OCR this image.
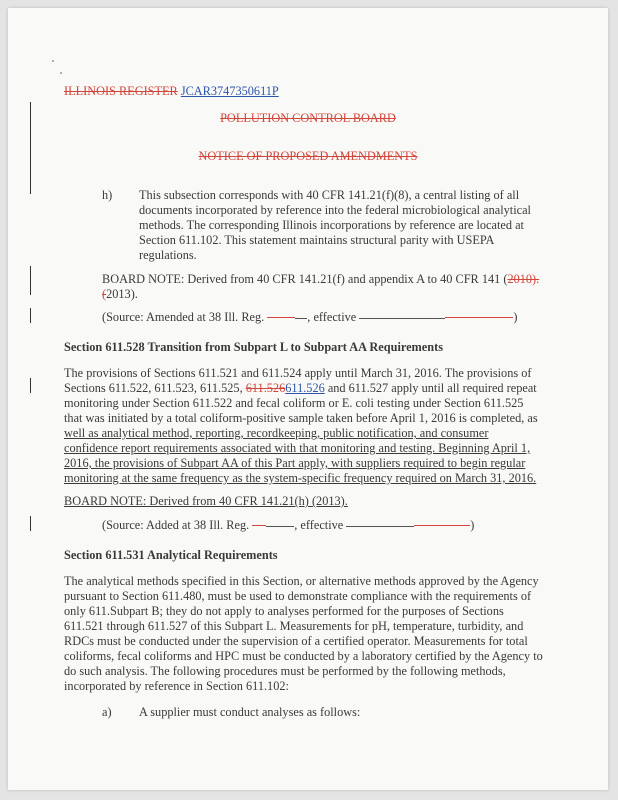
ILLINOIS REGISTER JCAR3747350611P
POLLUTION CONTROL BOARD
NOTICE OF PROPOSED AMENDMENTS
h) This subsection corresponds with 40 CFR 141.21(f)(8), a central listing of all
documents incorporated by reference into the federal microbiological analytical
methods. The corresponding Illinois incorporations by reference are located at
Section 611.102. This statement maintains structural parity with USEPA
regulations.
BOARD NOTE: Derived from 40 CFR 141.21(f) and appendix A to 40 CFR 141 (2010).
(2013).
(Source: Amended at 38 Ill. Reg.	, effective	)
Section 611.528 Transition from Subpart L to Subpart AA Requirements
The provisions of Sections 611.521 and 611.524 apply until March 31, 2016. The provisions of
Sections 611.522, 611.523, 611.525, 611.526611.526 and 611.527 apply until all required repeat
monitoring under Section 611.522 and fecal coliform or E. coli testing under Section 611.525
that was initiated by a total coliform-positive sample taken before April 1, 2016 is completed, as
well as analytical method, reporting, recordkeeping, public notification, and consumer
confidence report requirements associated with that monitoring and testing. Beginning April 1,
2016, the provisions of Subpart AA of this Part apply, with suppliers required to begin regular
monitoring at the same frequency as the system-specific frequency required on March 31, 2016.
BOARD NOTE: Derived from 40 CFR 141.21(h) (2013).
(Source: Added at 38 Ill. Reg.	, effective	)
Section 611.531 Analytical Requirements
The analytical methods specified in this Section, or alternative methods approved by the Agency
pursuant to Section 611.480, must be used to demonstrate compliance with the requirements of
only 611.Subpart B; they do not apply to analyses performed for the purposes of Sections
611.521 through 611.527 of this Subpart L. Measurements for pH, temperature, turbidity, and
RDCs must be conducted under the supervision of a certified operator. Measurements for total
coliforms, fecal coliforms and HPC must be conducted by a laboratory certified by the Agency to
do such analysis. The following procedures must be performed by the following methods,
incorporated by reference in Section 611.102:
a) A supplier must conduct analyses as follows:
